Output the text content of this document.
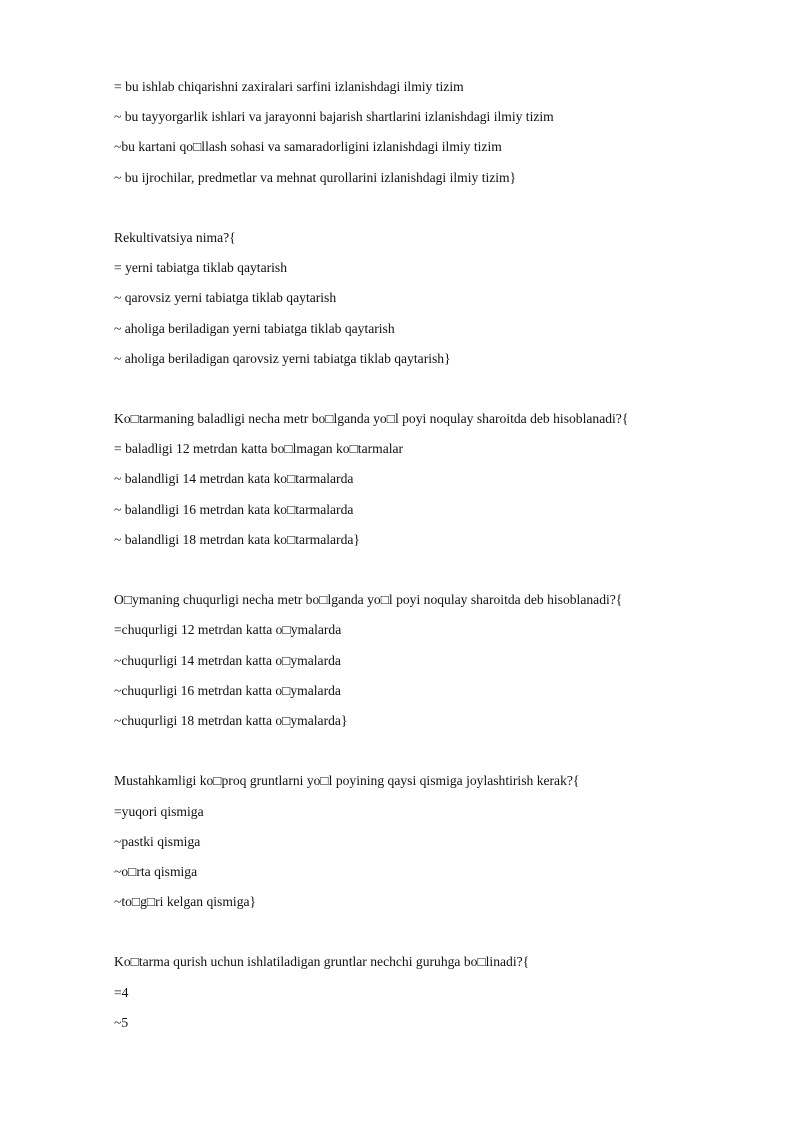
= bu ishlab chiqarishni zaxiralari sarfini izlanishdagi ilmiy tizim
~ bu tayyorgarlik ishlari va jarayonni bajarish shartlarini izlanishdagi ilmiy tizim
~bu kartani qo□llash sohasi va samaradorligini izlanishdagi ilmiy tizim
~ bu ijrochilar, predmetlar va mehnat qurollarini izlanishdagi ilmiy tizim}
Rekultivatsiya nima?{
= yerni tabiatga tiklab qaytarish
~ qarovsiz yerni tabiatga tiklab qaytarish
~ aholiga beriladigan yerni tabiatga tiklab qaytarish
~ aholiga beriladigan qarovsiz yerni tabiatga tiklab qaytarish}
Ko□tarmaning baladligi necha metr bo□lganda yo□l poyi noqulay sharoitda deb hisoblanadi?{
= baladligi 12 metrdan katta bo□lmagan ko□tarmalar
~ balandligi 14 metrdan kata ko□tarmalarda
~ balandligi 16 metrdan kata ko□tarmalarda
~ balandligi 18 metrdan kata ko□tarmalarda}
O□ymaning chuqurligi necha metr bo□lganda yo□l poyi noqulay sharoitda deb hisoblanadi?{
=chuqurligi 12 metrdan katta o□ymalarda
~chuqurligi 14 metrdan katta o□ymalarda
~chuqurligi 16 metrdan katta o□ymalarda
~chuqurligi 18 metrdan katta o□ymalarda}
Mustahkamligi ko□proq gruntlarni yo□l poyining qaysi qismiga joylashtirish kerak?{
=yuqori qismiga
~pastki qismiga
~o□rta qismiga
~to□g□ri kelgan qismiga}
Ko□tarma qurish uchun ishlatiladigan gruntlar nechchi guruhga bo□linadi?{
=4
~5
